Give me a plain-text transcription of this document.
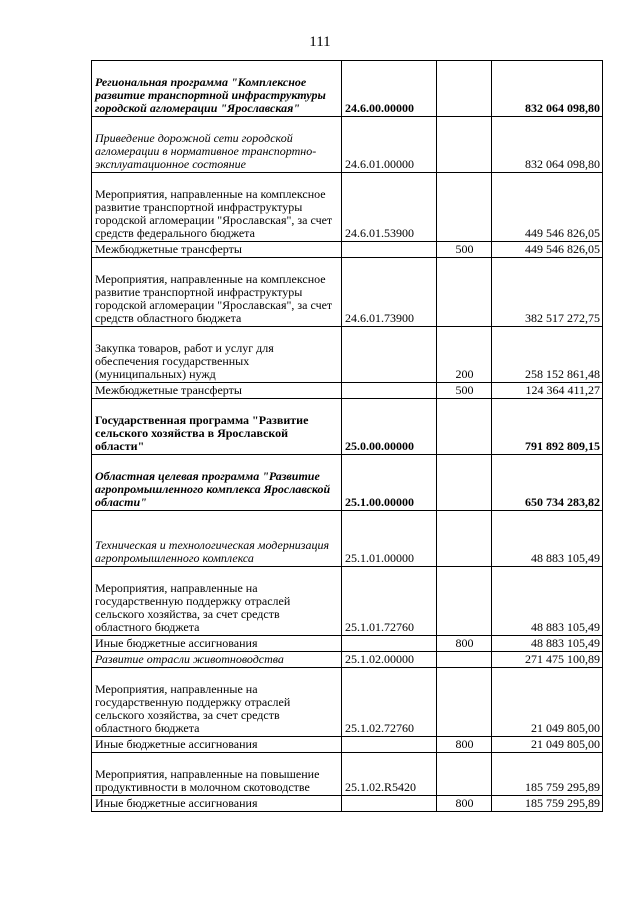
111
Региональная программа "Комплексное развитие транспортной инфраструктуры городской агломерации "Ярославская"	24.6.00.00000		832 064 098,80
Приведение дорожной сети городской агломерации в нормативное транспортно-эксплуатационное состояние	24.6.01.00000		832 064 098,80
Мероприятия, направленные на комплексное развитие транспортной инфраструктуры городской агломерации "Ярославская", за счет средств федерального бюджета	24.6.01.53900		449 546 826,05
Межбюджетные трансферты		500	449 546 826,05
Мероприятия, направленные на комплексное развитие транспортной инфраструктуры городской агломерации "Ярославская", за счет средств областного бюджета	24.6.01.73900		382 517 272,75
Закупка товаров, работ и услуг для обеспечения государственных (муниципальных) нужд		200	258 152 861,48
Межбюджетные трансферты		500	124 364 411,27
Государственная программа "Развитие сельского хозяйства в Ярославской области"	25.0.00.00000		791 892 809,15
Областная целевая программа "Развитие агропромышленного комплекса Ярославской области"	25.1.00.00000		650 734 283,82
Техническая и технологическая модернизация агропромышленного комплекса	25.1.01.00000		48 883 105,49
Мероприятия, направленные на государственную поддержку отраслей сельского хозяйства, за счет средств областного бюджета	25.1.01.72760		48 883 105,49
Иные бюджетные ассигнования		800	48 883 105,49
Развитие отрасли животноводства	25.1.02.00000		271 475 100,89
Мероприятия, направленные на государственную поддержку отраслей сельского хозяйства, за счет средств областного бюджета	25.1.02.72760		21 049 805,00
Иные бюджетные ассигнования		800	21 049 805,00
Мероприятия, направленные на повышение продуктивности в молочном скотоводстве	25.1.02.R5420		185 759 295,89
Иные бюджетные ассигнования		800	185 759 295,89
